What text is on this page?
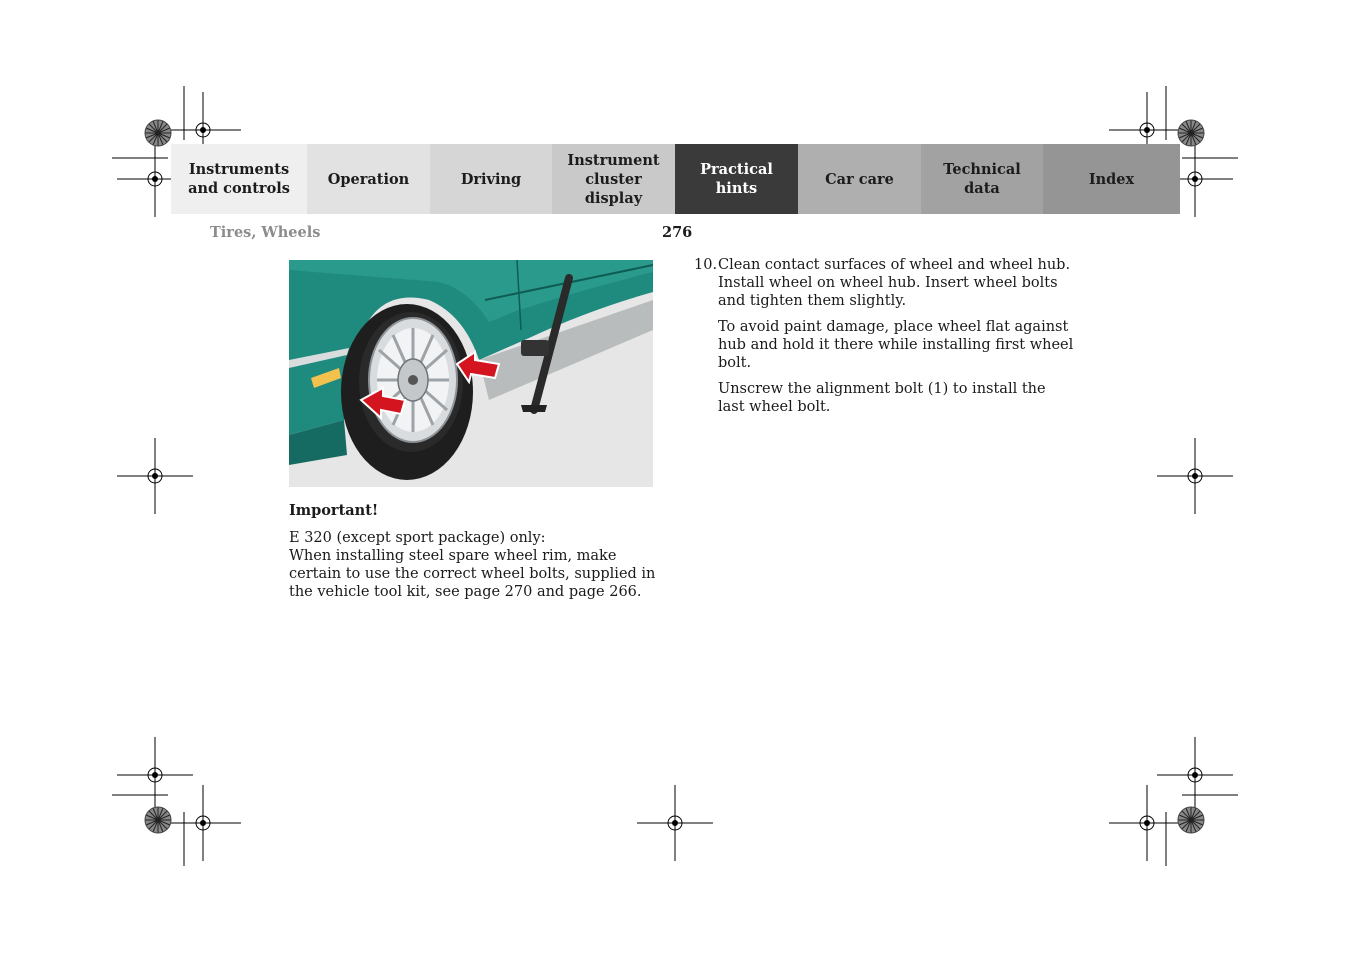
Instruments
and controls
Operation	Driving
Instrument
cluster display
Practical hints
Car care
Technical
data
Index
Tires, Wheels	276
Important!

E 320 (except sport package) only:

When installing steel spare wheel rim, make certain to use the correct wheel bolts, supplied in the vehicle tool kit, see page 270 and page 266.

10. Clean contact surfaces of wheel and wheel hub. Install wheel on wheel hub. Insert wheel bolts and tighten them slightly.

To avoid paint damage, place wheel flat against hub and hold it there while installing first wheel bolt.

Unscrew the alignment bolt (1) to install the last wheel bolt.
